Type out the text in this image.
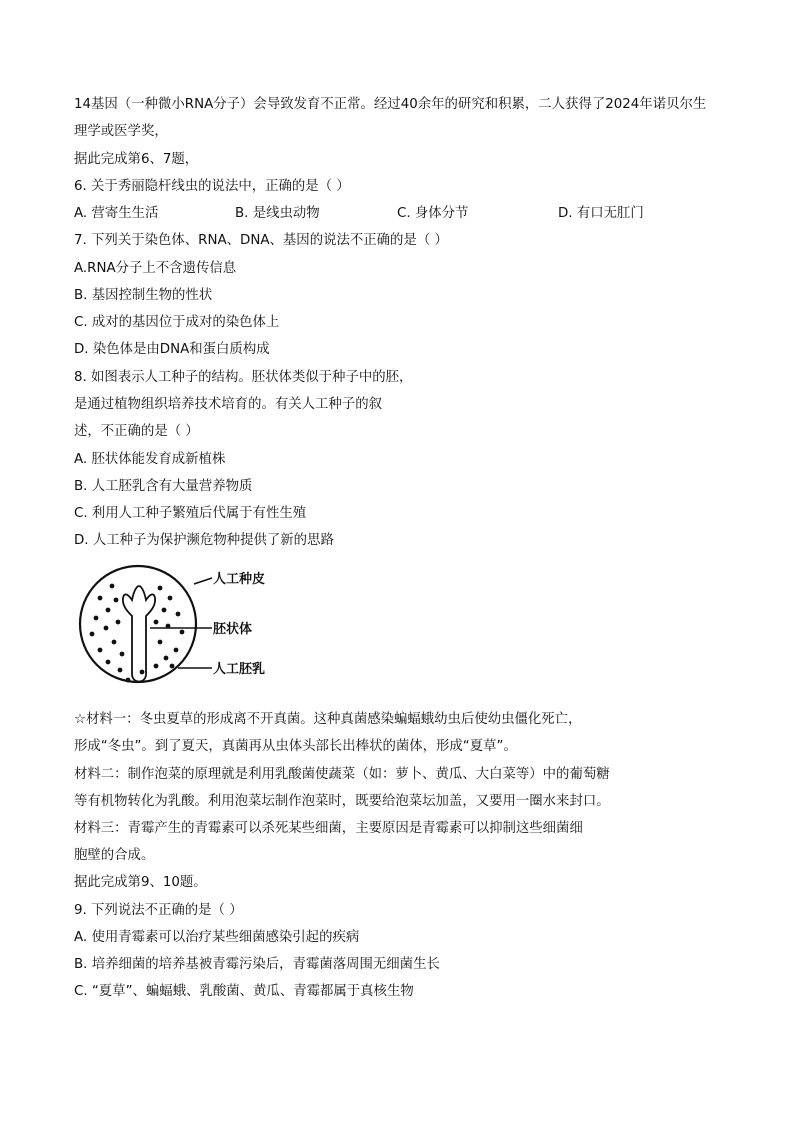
14基因（一种微小RNA分子）会导致发育不正常。经过40余年的研究和积累，二人获得了2024年诺贝尔生
理学或医学奖，
据此完成第6、7题，
6. 关于秀丽隐杆线虫的说法中，正确的是（ ）
A. 营寄生生活	B. 是线虫动物	C. 身体分节	D. 有口无肛门
7. 下列关于染色体、RNA、DNA、基因的说法不正确的是（ ）
A.RNA分子上不含遗传信息
B. 基因控制生物的性状
C. 成对的基因位于成对的染色体上
D. 染色体是由DNA和蛋白质构成
8. 如图表示人工种子的结构。胚状体类似于种子中的胚，
是通过植物组织培养技术培育的。有关人工种子的叙
述，不正确的是（ ）
A. 胚状体能发育成新植株
B. 人工胚乳含有大量营养物质
C. 利用人工种子繁殖后代属于有性生殖
D. 人工种子为保护濒危物种提供了新的思路
人工种皮
胚状体
人工胚乳
☆材料一：冬虫夏草的形成离不开真菌。这种真菌感染蝙蝠蛾幼虫后使幼虫僵化死亡，
形成“冬虫”。到了夏天，真菌再从虫体头部长出棒状的菌体，形成“夏草”。
材料二：制作泡菜的原理就是利用乳酸菌使蔬菜（如：萝卜、黄瓜、大白菜等）中的葡萄糖
等有机物转化为乳酸。利用泡菜坛制作泡菜时，既要给泡菜坛加盖，又要用一圈水来封口。
材料三：青霉产生的青霉素可以杀死某些细菌，主要原因是青霉素可以抑制这些细菌细
胞壁的合成。
据此完成第9、10题。
9. 下列说法不正确的是（ ）
A. 使用青霉素可以治疗某些细菌感染引起的疾病
B. 培养细菌的培养基被青霉污染后，青霉菌落周围无细菌生长
C. “夏草”、蝙蝠蛾、乳酸菌、黄瓜、青霉都属于真核生物
